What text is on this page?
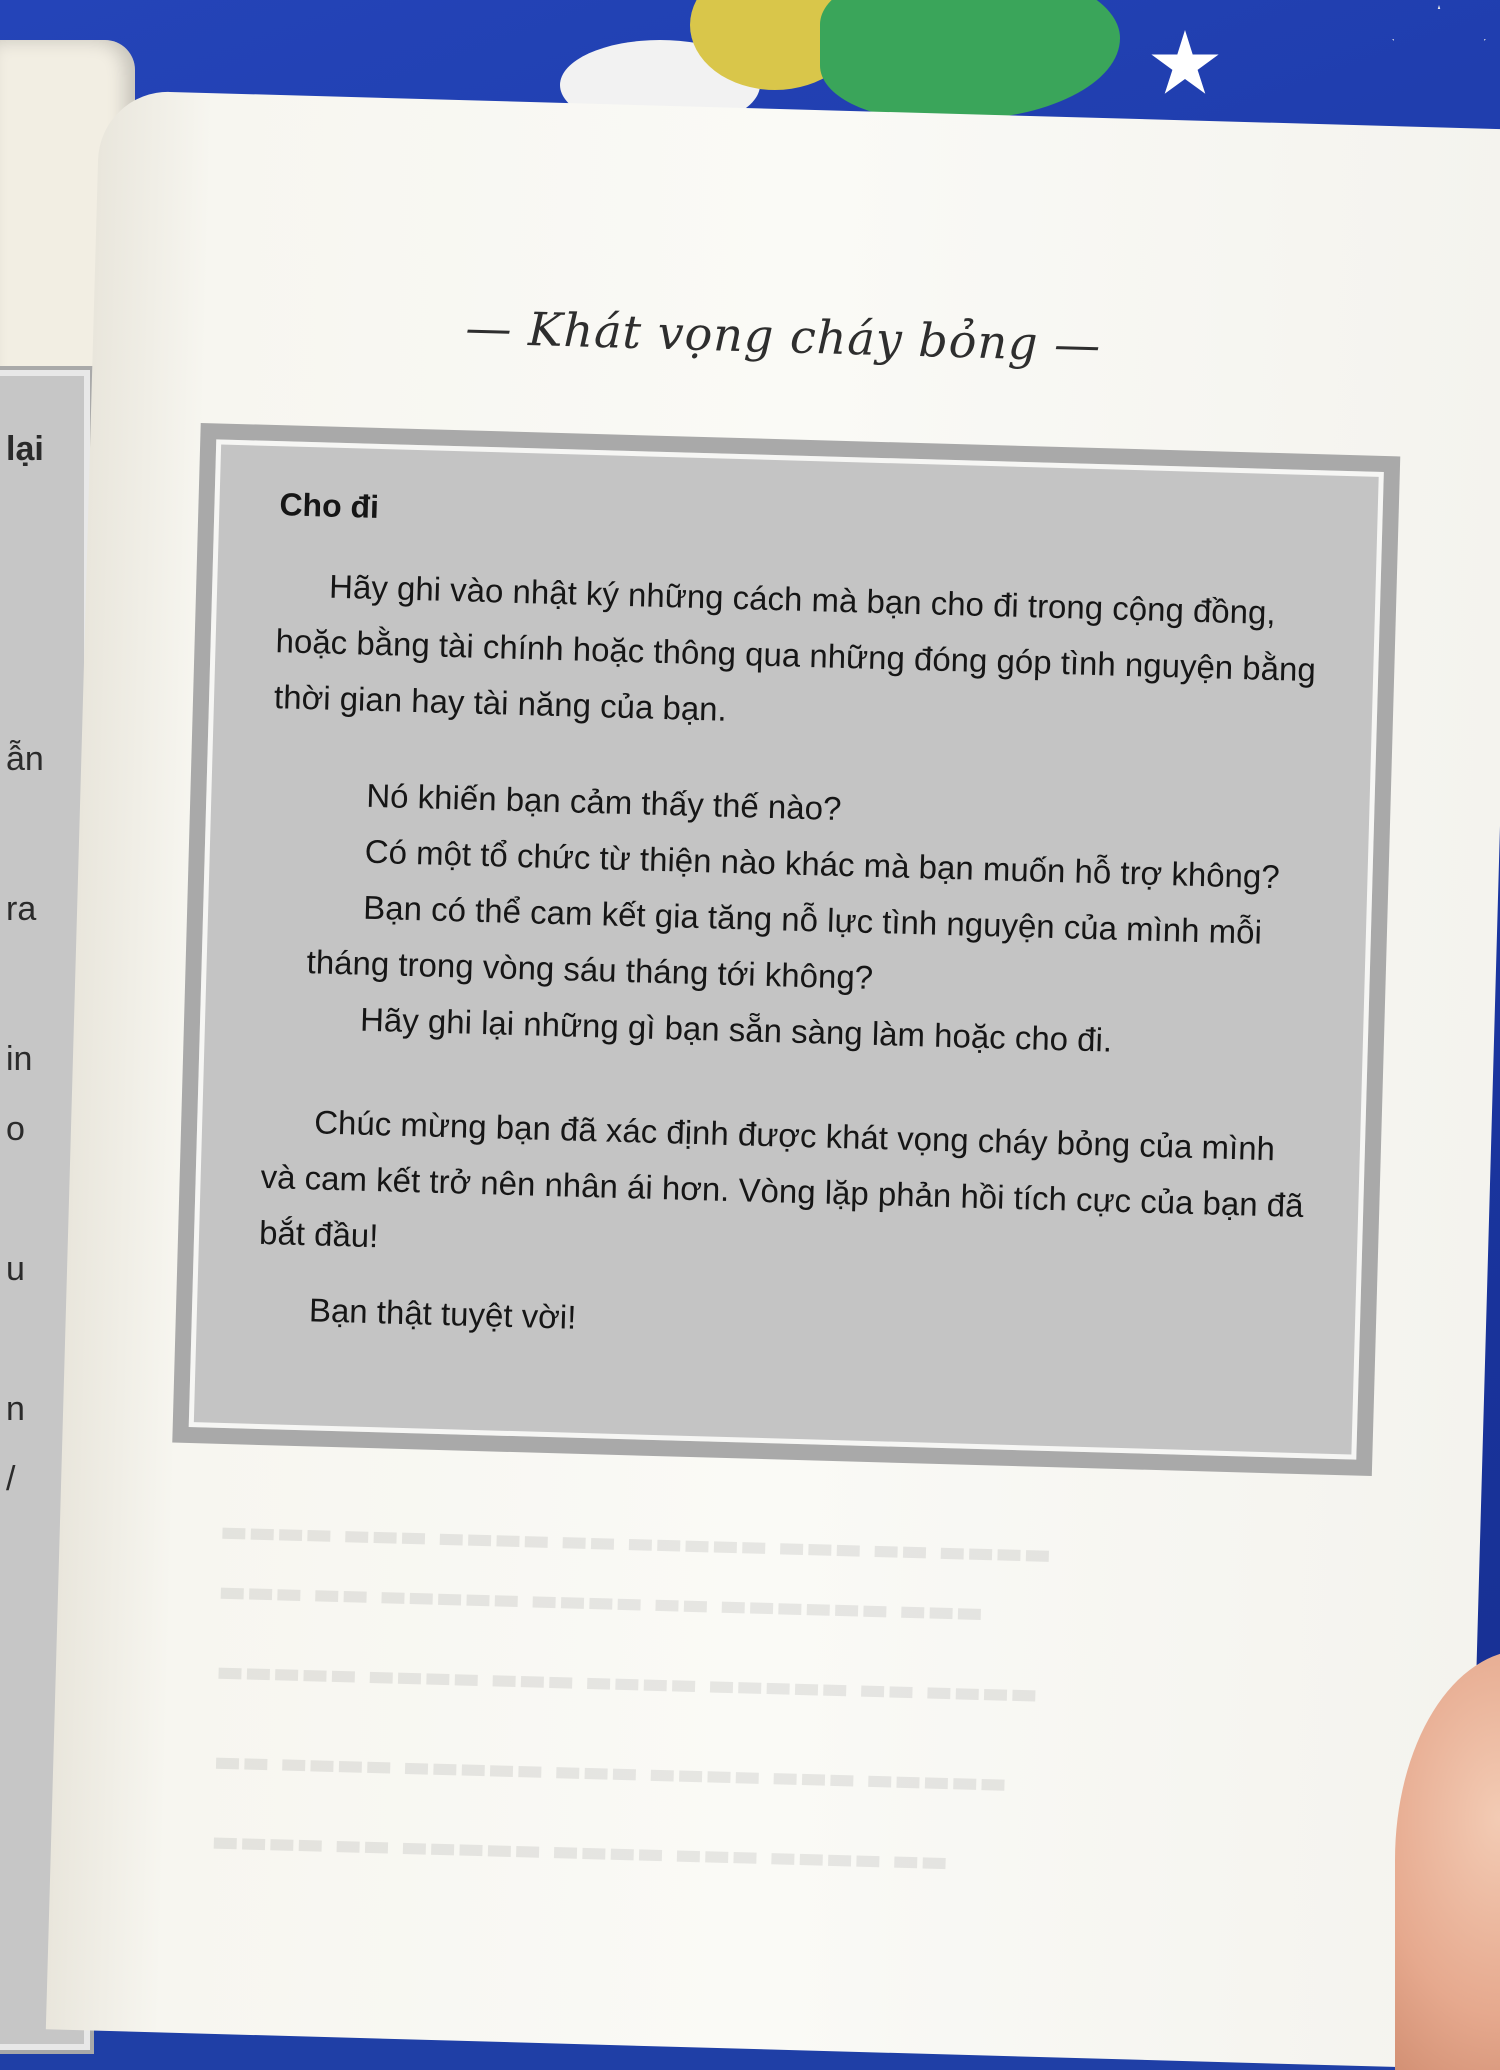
lại
ẫn
ra
in
o
u
n
/
— Khát vọng cháy bỏng —

Cho đi

Hãy ghi vào nhật ký những cách mà bạn cho đi trong cộng đồng, hoặc bằng tài chính hoặc thông qua những đóng góp tình nguyện bằng thời gian hay tài năng của bạn.

Nó khiến bạn cảm thấy thế nào?

Có một tổ chức từ thiện nào khác mà bạn muốn hỗ trợ không?

Bạn có thể cam kết gia tăng nỗ lực tình nguyện của mình mỗi tháng trong vòng sáu tháng tới không?

Hãy ghi lại những gì bạn sẵn sàng làm hoặc cho đi.

Chúc mừng bạn đã xác định được khát vọng cháy bỏng của mình và cam kết trở nên nhân ái hơn. Vòng lặp phản hồi tích cực của bạn đã bắt đầu!

Bạn thật tuyệt vời!

▬▬▬▬ ▬▬▬ ▬▬▬▬ ▬▬ ▬▬▬▬▬ ▬▬▬ ▬▬ ▬▬▬▬
▬▬▬ ▬▬ ▬▬▬▬▬ ▬▬▬▬ ▬▬ ▬▬▬▬▬▬ ▬▬▬
▬▬▬▬▬ ▬▬▬▬ ▬▬▬ ▬▬▬▬ ▬▬▬▬▬ ▬▬ ▬▬▬▬
▬▬ ▬▬▬▬ ▬▬▬▬▬ ▬▬▬ ▬▬▬▬ ▬▬▬ ▬▬▬▬▬
▬▬▬▬ ▬▬ ▬▬▬▬▬ ▬▬▬▬ ▬▬▬ ▬▬▬▬ ▬▬
